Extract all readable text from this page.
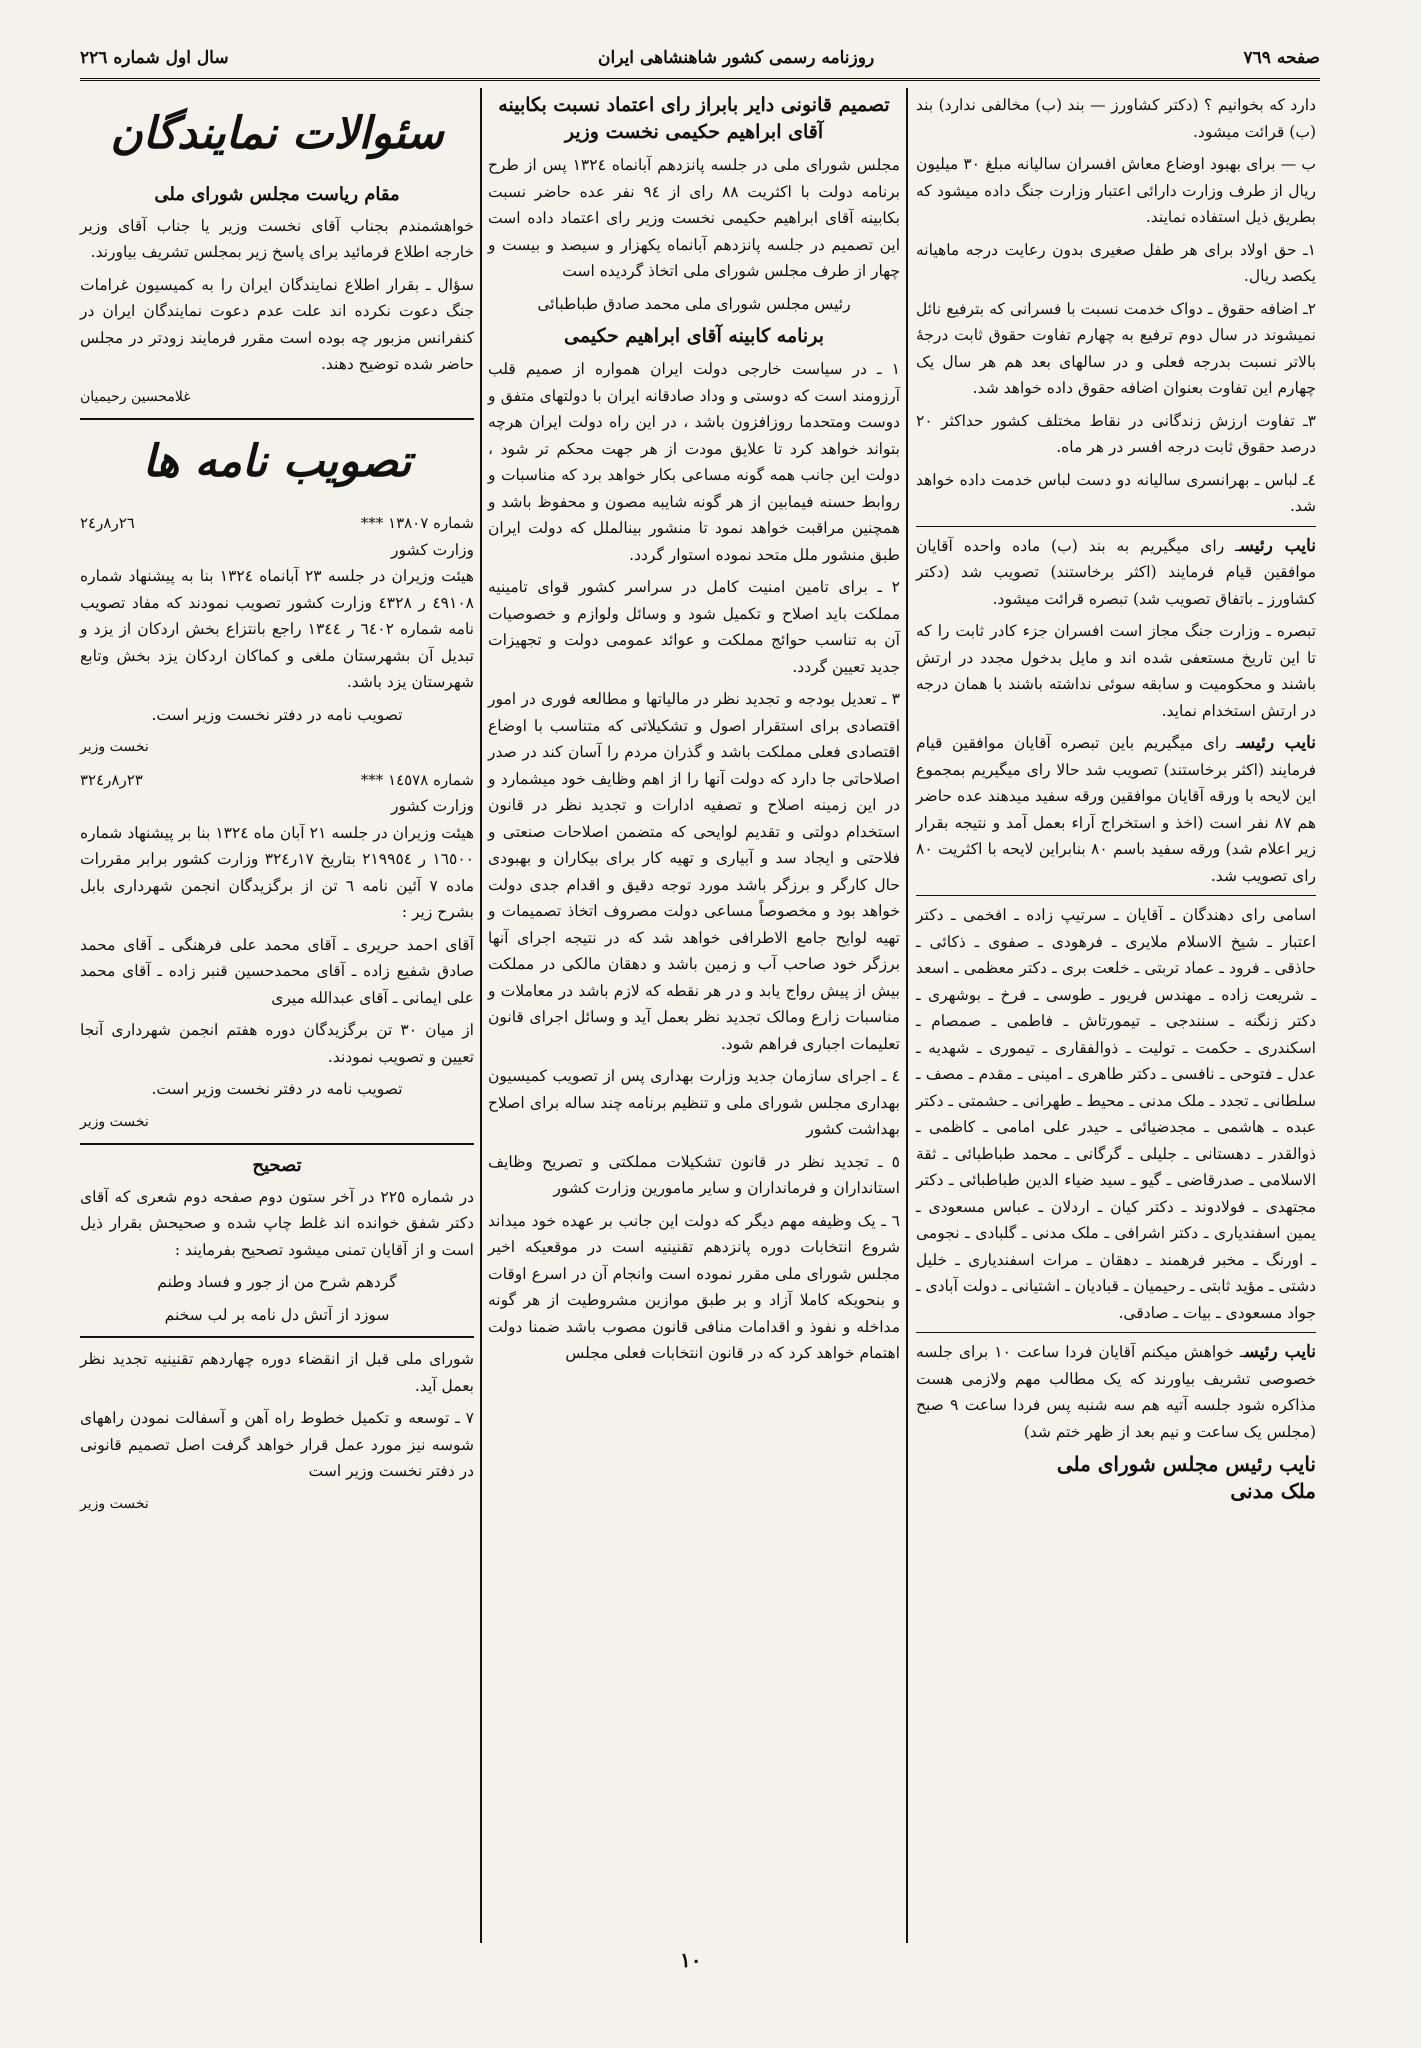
صفحه ٧٦٩
روزنامه رسمی کشور شاهنشاهی ایران
سال اول شماره ٢٢٦

دارد که بخوانیم ؟ (دکتر کشاورز — بند (ب) مخالفی ندارد) بند (ب) قرائت میشود.

ب — برای بهبود اوضاع معاش افسران سالیانه مبلغ ٣٠ میلیون ریال از طرف وزارت دارائی اعتبار وزارت جنگ داده میشود که بطریق ذیل استفاده نمایند.

١ـ حق اولاد برای هر طفل صغیری بدون رعایت درجه ماهیانه یکصد ریال.

٢ـ اضافه حقوق ـ دواک خدمت نسبت با فسرانی که بترفیع نائل نمیشوند در سال دوم ترفیع به چهارم تفاوت حقوق ثابت درجهٔ بالاتر نسبت بدرجه فعلی و در سالهای بعد هم هر سال یک چهارم این تفاوت بعنوان اضافه حقوق داده خواهد شد.

٣ـ تفاوت ارزش زندگانی در نقاط مختلف کشور حداکثر ٢٠ درصد حقوق ثابت درجه افسر در هر ماه.

٤ـ لباس ـ بهرانسری سالیانه دو دست لباس خدمت داده خواهد شد.

نایب رئیسـ رای میگیریم به بند (ب) ماده واحده آقایان موافقین قیام فرمایند (اکثر برخاستند) تصویب شد (دکتر کشاورز ـ باتفاق تصویب شد) تبصره قرائت میشود.

تبصره ـ وزارت جنگ مجاز است افسران جزء کادر ثابت را که تا این تاریخ مستعفی شده اند و مایل بدخول مجدد در ارتش باشند و محکومیت و سابقه سوئی نداشته باشند با همان درجه در ارتش استخدام نماید.

نایب رئیسـ رای میگیریم باین تبصره آقایان موافقین قیام فرمایند (اکثر برخاستند) تصویب شد حالا رای میگیریم بمجموع این لایحه با ورقه آقایان موافقین ورقه سفید میدهند عده حاضر هم ٨٧ نفر است (اخذ و استخراج آراء بعمل آمد و نتیجه بقرار زیر اعلام شد) ورقه سفید باسم ٨٠ بنابراین لایحه با اکثریت ٨٠ رای تصویب شد.

اسامی رای دهندگان ـ آقایان ـ سرتیپ زاده ـ افخمی ـ دکتر اعتبار ـ شیخ الاسلام ملایری ـ فرهودی ـ صفوی ـ ذکائی ـ حاذقی ـ فرود ـ عماد تربتی ـ خلعت بری ـ دکتر معظمی ـ اسعد ـ شریعت زاده ـ مهندس فریور ـ طوسی ـ فرخ ـ بوشهری ـ دکتر زنگنه ـ سنندجی ـ تیمورتاش ـ فاطمی ـ صمصام ـ اسکندری ـ حکمت ـ تولیت ـ ذوالفقاری ـ تیموری ـ شهدیه ـ عدل ـ فتوحی ـ نافسی ـ دکتر طاهری ـ امینی ـ مقدم ـ مصف ـ سلطانی ـ تجدد ـ ملک مدنی ـ محیط ـ طهرانی ـ حشمتی ـ دکتر عبده ـ هاشمی ـ مجدضیائی ـ حیدر علی امامی ـ کاظمی ـ ذوالقدر ـ دهستانی ـ جلیلی ـ گرگانی ـ محمد طباطبائی ـ ثقة الاسلامی ـ صدرقاضی ـ گیو ـ سید ضیاء الدین طباطبائی ـ دکتر مجتهدی ـ فولادوند ـ دکتر کیان ـ اردلان ـ عباس مسعودی ـ یمین اسفندیاری ـ دکتر اشرافی ـ ملک مدنی ـ گلبادی ـ نجومی ـ اورنگ ـ مخبر فرهمند ـ دهقان ـ مرات اسفندیاری ـ خلیل دشتی ـ مؤید ثابتی ـ رحیمیان ـ قبادیان ـ اشتیانی ـ دولت آبادی ـ جواد مسعودی ـ بیات ـ صادقی.

نایب رئیسـ خواهش میکنم آقایان فردا ساعت ١٠ برای جلسه خصوصی تشریف بیاورند که یک مطالب مهم ولازمی هست مذاکره شود جلسه آتیه هم سه شنبه پس فردا ساعت ٩ صبح (مجلس یک ساعت و نیم بعد از ظهر ختم شد)

نایب رئیس مجلس شورای ملی
ملک مدنی
تصمیم قانونی دایر بابراز رای اعتماد نسبت بکابینه آقای ابراهیم حکیمی نخست وزیر

مجلس شورای ملی در جلسه پانزدهم آبانماه ١٣٢٤ پس از طرح برنامه دولت با اکثریت ٨٨ رای از ٩٤ نفر عده حاضر نسبت بکابینه آقای ابراهیم حکیمی نخست وزیر رای اعتماد داده است این تصمیم در جلسه پانزدهم آبانماه یکهزار و سیصد و بیست و چهار از طرف مجلس شورای ملی اتخاذ گردیده است

رئیس مجلس شورای ملی محمد صادق طباطبائی

برنامه کابینه آقای ابراهیم حکیمی

١ ـ در سیاست خارجی دولت ایران همواره از صمیم قلب آرزومند است که دوستی و وداد صادقانه ایران با دولتهای متفق و دوست ومتحدما روزافزون باشد ، در این راه دولت ایران هرچه بتواند خواهد کرد تا علایق مودت از هر جهت محکم تر شود ، دولت این جانب همه گونه مساعی بکار خواهد برد که مناسبات و روابط حسنه فیمابین از هر گونه شایبه مصون و محفوظ باشد و همچنین مراقبت خواهد نمود تا منشور بینالملل که دولت ایران طبق منشور ملل متحد نموده استوار گردد.

٢ ـ برای تامین امنیت کامل در سراسر کشور قوای تامینیه مملکت باید اصلاح و تکمیل شود و وسائل ولوازم و خصوصیات آن به تناسب حوائج مملکت و عوائد عمومی دولت و تجهیزات جدید تعیین گردد.

٣ ـ تعدیل بودجه و تجدید نظر در مالیاتها و مطالعه فوری در امور اقتصادی برای استقرار اصول و تشکیلاتی که متناسب با اوضاع اقتصادی فعلی مملکت باشد و گذران مردم را آسان کند در صدر اصلاحاتی جا دارد که دولت آنها را از اهم وظایف خود میشمارد و در این زمینه اصلاح و تصفیه ادارات و تجدید نظر در قانون استخدام دولتی و تقدیم لوایحی که متضمن اصلاحات صنعتی و فلاحتی و ایجاد سد و آبیاری و تهیه کار برای بیکاران و بهبودی حال کارگر و برزگر باشد مورد توجه دقیق و اقدام جدی دولت خواهد بود و مخصوصاً مساعی دولت مصروف اتخاذ تصمیمات و تهیه لوایح جامع الاطرافی خواهد شد که در نتیجه اجرای آنها برزگر خود صاحب آب و زمین باشد و دهقان مالکی در مملکت بیش از پیش رواج یابد و در هر نقطه که لازم باشد در معاملات و مناسبات زارع ومالک تجدید نظر بعمل آید و وسائل اجرای قانون تعلیمات اجباری فراهم شود.

٤ ـ اجرای سازمان جدید وزارت بهداری پس از تصویب کمیسیون بهداری مجلس شورای ملی و تنظیم برنامه چند ساله برای اصلاح بهداشت کشور

٥ ـ تجدید نظر در قانون تشکیلات مملکتی و تصریح وظایف استانداران و فرمانداران و سایر مامورین وزارت کشور

٦ ـ یک وظیفه مهم دیگر که دولت این جانب بر عهده خود میداند شروع انتخابات دوره پانزدهم تقنینیه است در موقعیکه اخیر مجلس شورای ملی مقرر نموده است وانجام آن در اسرع اوقات و بنحویکه کاملا آزاد و بر طبق موازین مشروطیت از هر گونه مداخله و نفوذ و اقدامات منافی قانون مصوب باشد ضمنا دولت اهتمام خواهد کرد که در قانون انتخابات فعلی مجلس

سئوالات نمایندگان
مقام ریاست مجلس شورای ملی

خواهشمندم بجناب آقای نخست وزیر یا جناب آقای وزیر خارجه اطلاع فرمائید برای پاسخ زیر بمجلس تشریف بیاورند.

سؤال ـ بقرار اطلاع نمایندگان ایران را به کمیسیون غرامات جنگ دعوت نکرده اند علت عدم دعوت نمایندگان ایران در کنفرانس مزبور چه بوده است مقرر فرمایند زودتر در مجلس حاضر شده توضیح دهند.

غلامحسین رحیمیان
تصویب نامه ها
شماره ١٣٨٠٧ ***
٢٦ر٨ر٢٤
وزارت کشور

هیئت وزیران در جلسه ٢٣ آبانماه ١٣٢٤ بنا به پیشنهاد شماره ٤٩١٠٨ ر ٤٣٢٨ وزارت کشور تصویب نمودند که مفاد تصویب نامه شماره ٦٤٠٢ ر ١٣٤٤ راجع بانتزاع بخش اردکان از یزد و تبدیل آن بشهرستان ملغی و کماکان اردکان یزد بخش وتابع شهرستان یزد باشد.

تصویب نامه در دفتر نخست وزیر است.

نخست وزیر
شماره ١٤٥٧٨ ***
٢٣ر٨ر٣٢٤
وزارت کشور

هیئت وزیران در جلسه ٢١ آبان ماه ١٣٢٤ بنا بر پیشنهاد شماره ١٦٥٠٠ ر ٢١٩٩٥٤ بتاریخ ١٧ر٣٢٤ وزارت کشور برابر مقررات ماده ٧ آئین نامه ٦ تن از برگزیدگان انجمن شهرداری بابل بشرح زیر :

آقای احمد حریری ـ آقای محمد علی فرهنگی ـ آقای محمد صادق شفیع زاده ـ آقای محمدحسین قنبر زاده ـ آقای محمد علی ایمانی ـ آقای عبدالله میری

از میان ٣٠ تن برگزیدگان دوره هفتم انجمن شهرداری آنجا تعیین و تصویب نمودند.

تصویب نامه در دفتر نخست وزیر است.

نخست وزیر
تصحیح

در شماره ٢٢٥ در آخر ستون دوم صفحه دوم شعری که آقای دکتر شفق خوانده اند غلط چاپ شده و صحیحش بقرار ذیل است و از آقایان تمنی میشود تصحیح بفرمایند :

گردهم شرح من از جور و فساد وطنم

سوزد از آتش دل نامه بر لب سخنم

شورای ملی قبل از انقضاء دوره چهاردهم تقنینیه تجدید نظر بعمل آید.

٧ ـ توسعه و تکمیل خطوط راه آهن و آسفالت نمودن راههای شوسه نیز مورد عمل قرار خواهد گرفت اصل تصمیم قانونی در دفتر نخست وزیر است

نخست وزیر
١٠
